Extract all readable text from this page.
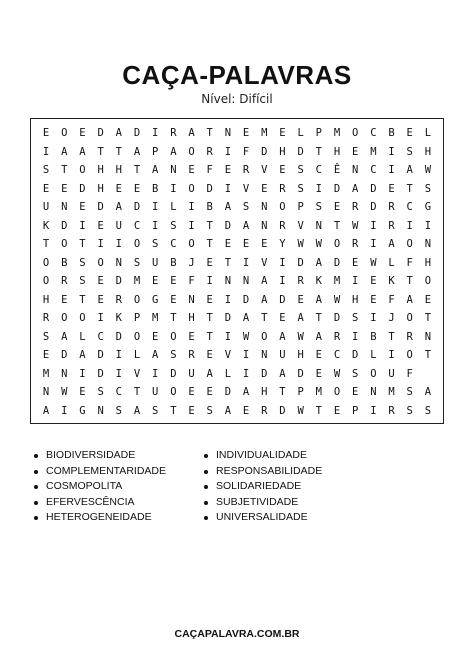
CAÇA-PALAVRAS
Nível: Difícil
E	O	E	D	A	D	I	R	A	T	N	E	M	E	L	P	M	O	C	B	E	L
I	A	A	T	T	A	P	A	O	R	I	F	D	H	D	T	H	E	M	I	S	H
S	T	O	H	H	T	A	N	E	F	E	R	V	E	S	C	Ê	N	C	I	A	W
E	E	D	H	E	E	B	I	O	D	I	V	E	R	S	I	D	A	D	E	T	S
U	N	E	D	A	D	I	L	I	B	A	S	N	O	P	S	E	R	D	R	C	G
K	D	I	E	U	C	I	S	I	T	D	A	N	R	V	N	T	W	I	R	I	I
T	O	T	I	I	O	S	C	O	T	E	E	E	Y	W	W	O	R	I	A	O	N
O	B	S	O	N	S	U	B	J	E	T	I	V	I	D	A	D	E	W	L	F	H
O	R	S	E	D	M	E	E	F	I	N	N	A	I	R	K	M	I	E	K	T	O
H	E	T	E	R	O	G	E	N	E	I	D	A	D	E	A	W	H	E	F	A	E
R	O	O	I	K	P	M	T	H	T	D	A	T	E	A	T	D	S	I	J	O	T
S	A	L	C	D	O	E	O	E	T	I	W	O	A	W	A	R	I	B	T	R	N
E	D	A	D	I	L	A	S	R	E	V	I	N	U	H	E	C	D	L	I	O	T
M	N	I	D	I	V	I	D	U	A	L	I	D	A	D	E	W	S	O	U	F
N	W	E	S	C	T	U	O	E	E	D	A	H	T	P	M	O	E	N	M	S	A
A	I	G	N	S	A	S	T	E	S	A	E	R	D	W	T	E	P	I	R	S	S
BIODIVERSIDADE
COMPLEMENTARIDADE
COSMOPOLITA
EFERVESCÊNCIA
HETEROGENEIDADE
INDIVIDUALIDADE
RESPONSABILIDADE
SOLIDARIEDADE
SUBJETIVIDADE
UNIVERSALIDADE
CAÇAPALAVRA.COM.BR
